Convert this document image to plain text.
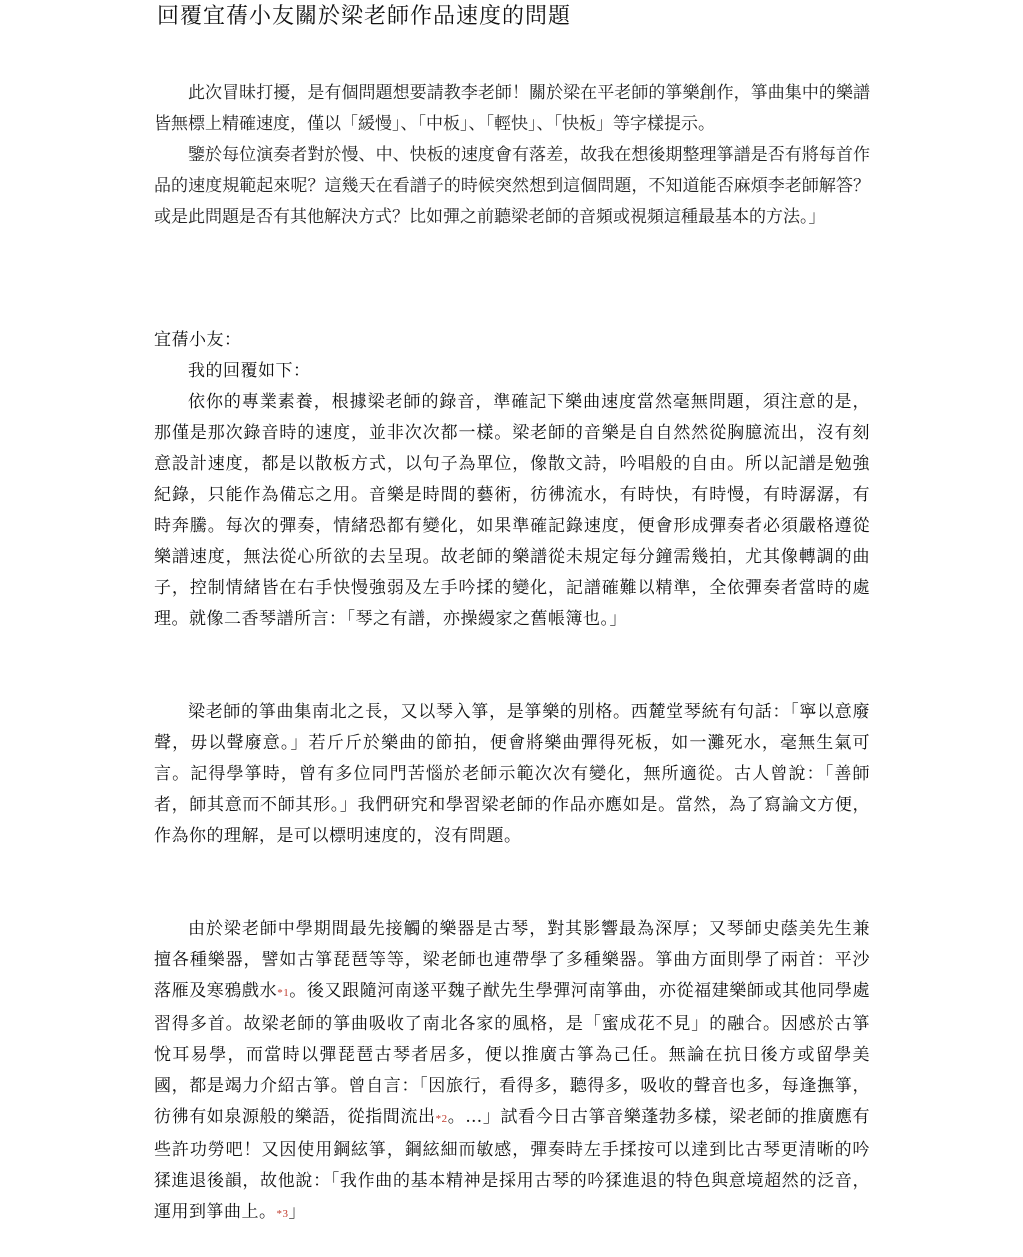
回覆宜蒨小友關於梁老師作品速度的問題

此次冒昧打擾，是有個問題想要請教李老師！關於梁在平老師的箏樂創作，箏曲集中的樂譜皆無標上精確速度，僅以「緩慢」、「中板」、「輕快」、「快板」等字樣提示。

鑒於每位演奏者對於慢、中、快板的速度會有落差，故我在想後期整理箏譜是否有將每首作品的速度規範起來呢？這幾天在看譜子的時候突然想到這個問題，不知道能否麻煩李老師解答？或是此問題是否有其他解決方式？比如彈之前聽梁老師的音頻或視頻這種最基本的方法。」

宜蒨小友：

我的回覆如下：

依你的專業素養，根據梁老師的錄音，準確記下樂曲速度當然毫無問題，須注意的是，那僅是那次錄音時的速度，並非次次都一樣。梁老師的音樂是自自然然從胸臆流出，沒有刻意設計速度，都是以散板方式，以句子為單位，像散文詩，吟唱般的自由。所以記譜是勉強紀錄，只能作為備忘之用。音樂是時間的藝術，彷彿流水，有時快，有時慢，有時潺潺，有時奔騰。每次的彈奏，情緒恐都有變化，如果準確記錄速度，便會形成彈奏者必須嚴格遵從樂譜速度，無法從心所欲的去呈現。故老師的樂譜從未規定每分鐘需幾拍，尤其像轉調的曲子，控制情緒皆在右手快慢強弱及左手吟揉的變化，記譜確難以精準，全依彈奏者當時的處理。就像二香琴譜所言：「琴之有譜，亦操縵家之舊帳簿也。」

梁老師的箏曲集南北之長，又以琴入箏，是箏樂的別格。西麓堂琴統有句話：「寧以意廢聲，毋以聲廢意。」若斤斤於樂曲的節拍，便會將樂曲彈得死板，如一灘死水，毫無生氣可言。記得學箏時，曾有多位同門苦惱於老師示範次次有變化，無所適從。古人曾說：「善師者，師其意而不師其形。」我們研究和學習梁老師的作品亦應如是。當然，為了寫論文方便，作為你的理解，是可以標明速度的，沒有問題。

由於梁老師中學期間最先接觸的樂器是古琴，對其影響最為深厚；又琴師史蔭美先生兼擅各種樂器，譬如古箏琵琶等等，梁老師也連帶學了多種樂器。箏曲方面則學了兩首：平沙落雁及寒鴉戲水*1。後又跟隨河南遂平魏子猷先生學彈河南箏曲，亦從福建樂師或其他同學處習得多首。故梁老師的箏曲吸收了南北各家的風格，是「蜜成花不見」的融合。因感於古箏悅耳易學，而當時以彈琵琶古琴者居多，便以推廣古箏為己任。無論在抗日後方或留學美國，都是竭力介紹古箏。曾自言：「因旅行，看得多，聽得多，吸收的聲音也多，每逢撫箏，彷彿有如泉源般的樂語，從指間流出*2。…」試看今日古箏音樂蓬勃多樣，梁老師的推廣應有些許功勞吧！又因使用鋼絃箏，鋼絃細而敏感，彈奏時左手揉按可以達到比古琴更清晰的吟猱進退後韻，故他說：「我作曲的基本精神是採用古琴的吟猱進退的特色與意境超然的泛音，運用到箏曲上。*3」
